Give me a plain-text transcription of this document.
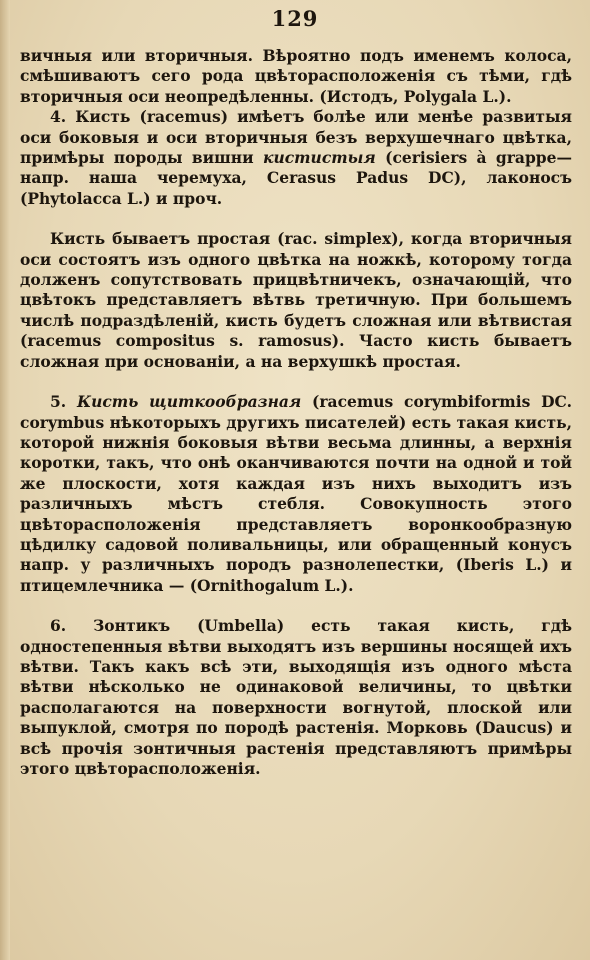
129

вичныя или вторичныя. Вѣроятно подъ именемъ колоса, смѣшиваютъ сего рода цвѣторасположенія съ тѣми, гдѣ вторичныя оси неопредѣленны. (Истодъ, Polygala L.).

4. Кисть (racemus) имѣетъ болѣе или менѣе развитыя оси боковыя и оси вторичныя безъ верхушечнаго цвѣтка, примѣры породы вишни кистистыя (cerisiers à grappe—напр. наша черемуха, Cerasus Padus DC), лаконосъ (Phytolacca L.) и проч.

Кисть бываетъ простая (rac. simplex), когда вторичныя оси состоятъ изъ одного цвѣтка на ножкѣ, которому тогда долженъ сопутствовать прицвѣтничекъ, означающій, что цвѣтокъ представляетъ вѣтвь третичную. При большемъ числѣ подраздѣленій, кисть будетъ сложная или вѣтвистая (racemus compositus s. ramosus). Часто кисть бываетъ сложная при основаніи, а на верхушкѣ простая.

5. Кисть щиткообразная (racemus corymbiformis DC. corymbus нѣкоторыхъ другихъ писателей) есть такая кисть, которой нижнія боковыя вѣтви весьма длинны, а верхнія коротки, такъ, что онѣ оканчиваются почти на одной и той же плоскости, хотя каждая изъ нихъ выходитъ изъ различныхъ мѣстъ стебля. Совокупность этого цвѣторасположенія представляетъ воронкообразную цѣдилку садовой поливальницы, или обращенный конусъ напр. у различныхъ породъ разнолепестки, (Iberis L.) и птицемлечника — (Ornithogalum L.).

6. Зонтикъ (Umbella) есть такая кисть, гдѣ одностепенныя вѣтви выходятъ изъ вершины носящей ихъ вѣтви. Такъ какъ всѣ эти, выходящія изъ одного мѣста вѣтви нѣсколько не одинаковой величины, то цвѣтки располагаются на поверхности вогнутой, плоской или выпуклой, смотря по породѣ растенія. Морковь (Daucus) и всѣ прочія зонтичныя растенія представляютъ примѣры этого цвѣторасположенія.
